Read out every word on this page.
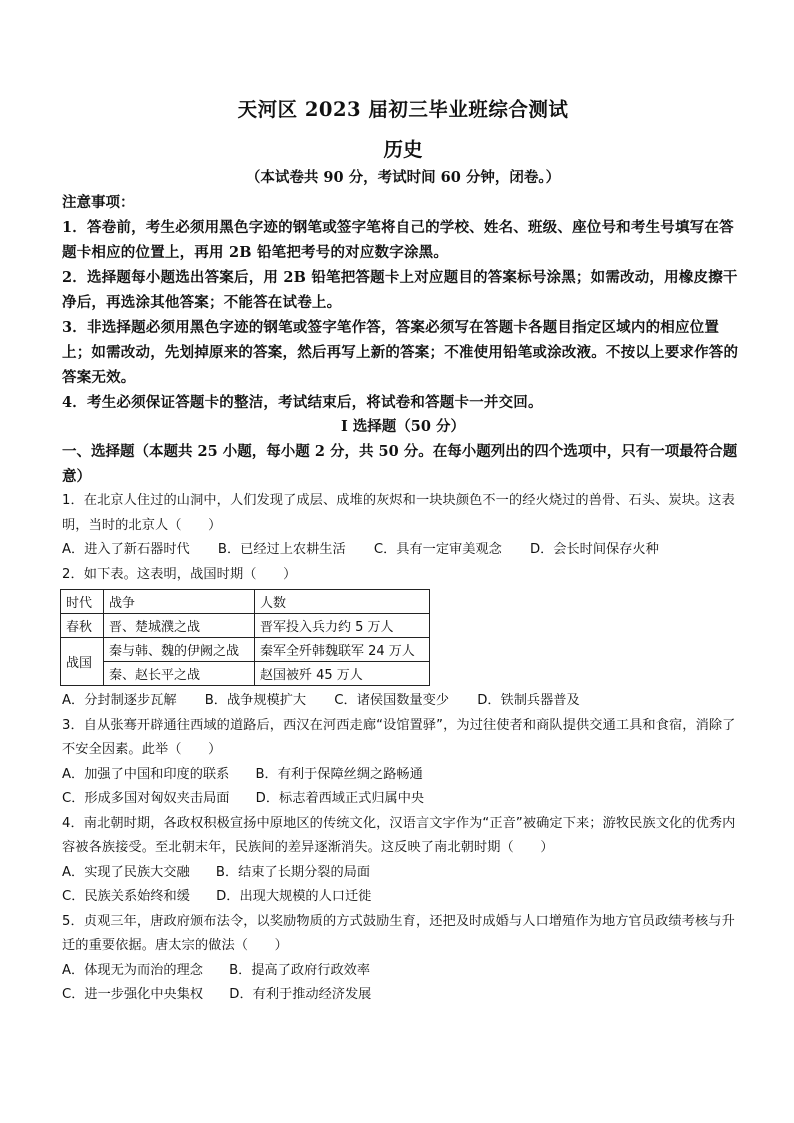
天河区 2023 届初三毕业班综合测试
历史
（本试卷共 90 分，考试时间 60 分钟，闭卷。）
注意事项：
1．答卷前，考生必须用黑色字迹的钢笔或签字笔将自己的学校、姓名、班级、座位号和考生号填写在答题卡相应的位置上，再用 2B 铅笔把考号的对应数字涂黑。
2．选择题每小题选出答案后，用 2B 铅笔把答题卡上对应题目的答案标号涂黑；如需改动，用橡皮擦干净后，再选涂其他答案；不能答在试卷上。
3．非选择题必须用黑色字迹的钢笔或签字笔作答，答案必须写在答题卡各题目指定区域内的相应位置上；如需改动，先划掉原来的答案，然后再写上新的答案；不准使用铅笔或涂改液。不按以上要求作答的答案无效。
4．考生必须保证答题卡的整洁，考试结束后，将试卷和答题卡一并交回。
I 选择题（50 分）
一、选择题（本题共 25 小题，每小题 2 分，共 50 分。在每小题列出的四个选项中，只有一项最符合题意）
1．在北京人住过的山洞中，人们发现了成层、成堆的灰烬和一块块颜色不一的经火烧过的兽骨、石头、炭块。这表明，当时的北京人（　　）
A．进入了新石器时代 B．已经过上农耕生活 C．具有一定审美观念 D．会长时间保存火种
2．如下表。这表明，战国时期（　　）
时代	战争	人数
春秋	晋、楚城濮之战	晋军投入兵力约 5 万人
战国	秦与韩、魏的伊阙之战	秦军全歼韩魏联军 24 万人
	秦、赵长平之战	赵国被歼 45 万人
A．分封制逐步瓦解 B．战争规模扩大 C．诸侯国数量变少 D．铁制兵器普及
3．自从张骞开辟通往西域的道路后，西汉在河西走廊“设馆置驿”，为过往使者和商队提供交通工具和食宿，消除了不安全因素。此举（　　）
A．加强了中国和印度的联系 B．有利于保障丝绸之路畅通
C．形成多国对匈奴夹击局面 D．标志着西域正式归属中央
4．南北朝时期，各政权积极宣扬中原地区的传统文化，汉语言文字作为“正音”被确定下来；游牧民族文化的优秀内容被各族接受。至北朝末年，民族间的差异逐渐消失。这反映了南北朝时期（　　）
A．实现了民族大交融 B．结束了长期分裂的局面
C．民族关系始终和缓 D．出现大规模的人口迁徙
5．贞观三年，唐政府颁布法令，以奖励物质的方式鼓励生育，还把及时成婚与人口增殖作为地方官员政绩考核与升迁的重要依据。唐太宗的做法（　　）
A．体现无为而治的理念 B．提高了政府行政效率
C．进一步强化中央集权 D．有利于推动经济发展
